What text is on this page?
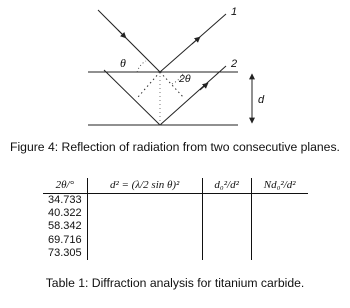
1
2
θ
2θ
d
Figure 4: Reflection of radiation from two consecutive planes.
2θ/°	d² = (λ/2 sin θ)²	d₀²/d²	Nd₀²/d²
34.733			
40.322			
58.342			
69.716			
73.305			
Table 1: Diffraction analysis for titanium carbide.
